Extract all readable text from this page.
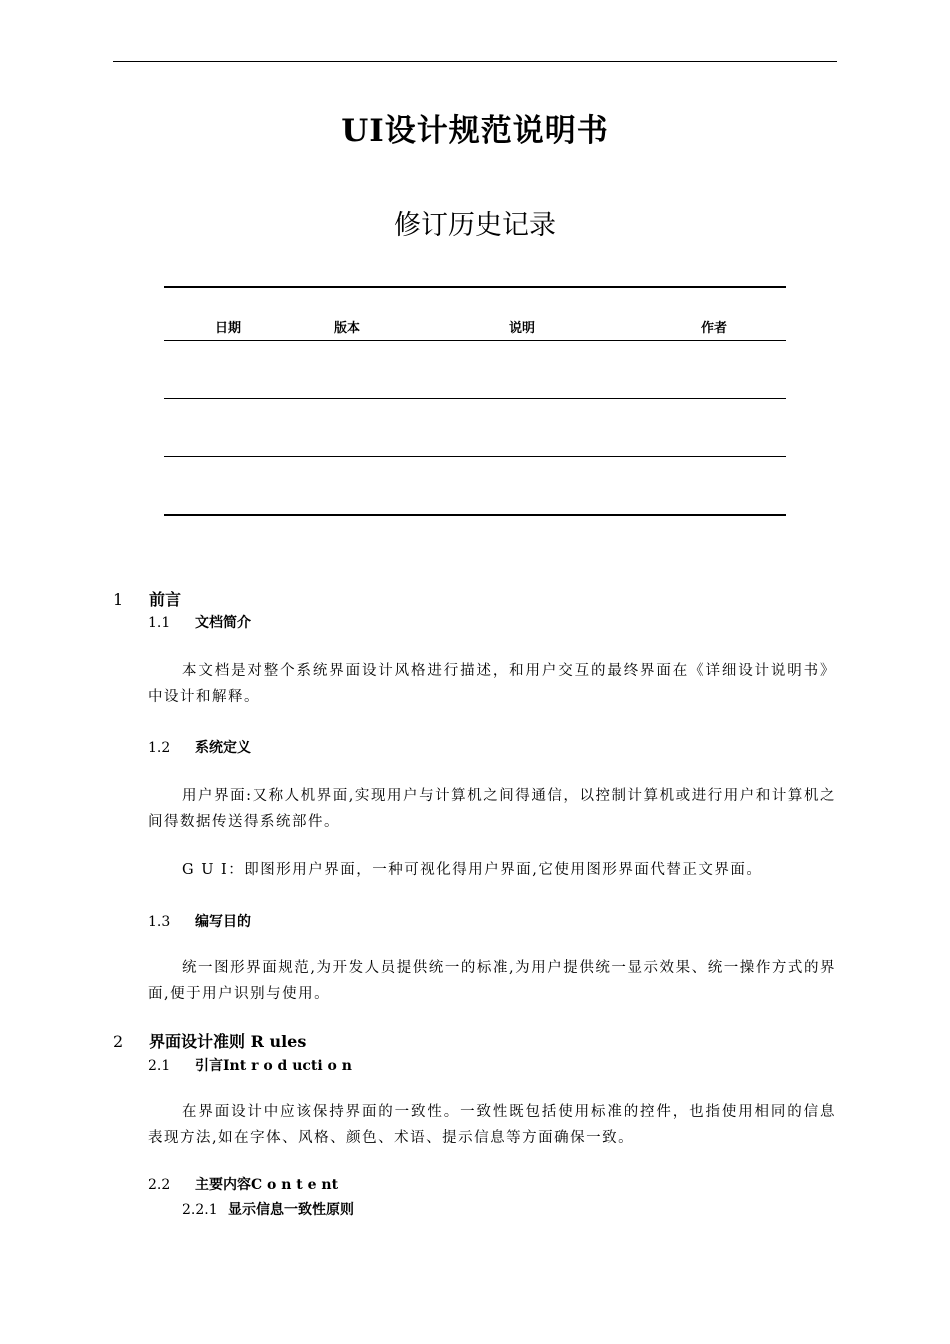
UI设计规范说明书
修订历史记录
日期	版本	说明	作者

1 前言
1.1 文档简介
本文档是对整个系统界面设计风格进行描述，和用户交互的最终界面在《详细设计说明书》中设计和解释。
1.2 系统定义
用户界面:又称人机界面,实现用户与计算机之间得通信，以控制计算机或进行用户和计算机之间得数据传送得系统部件。
G U I：即图形用户界面，一种可视化得用户界面,它使用图形界面代替正文界面。
1.3 编写目的
统一图形界面规范,为开发人员提供统一的标准,为用户提供统一显示效果、统一操作方式的界面,便于用户识别与使用。
2 界面设计准则 R ules
2.1 引言Int r o d ucti o n
在界面设计中应该保持界面的一致性。一致性既包括使用标准的控件，也指使用相同的信息表现方法,如在字体、风格、颜色、术语、提示信息等方面确保一致。
2.2 主要内容C o n t e nt
2.2.1 显示信息一致性原则
